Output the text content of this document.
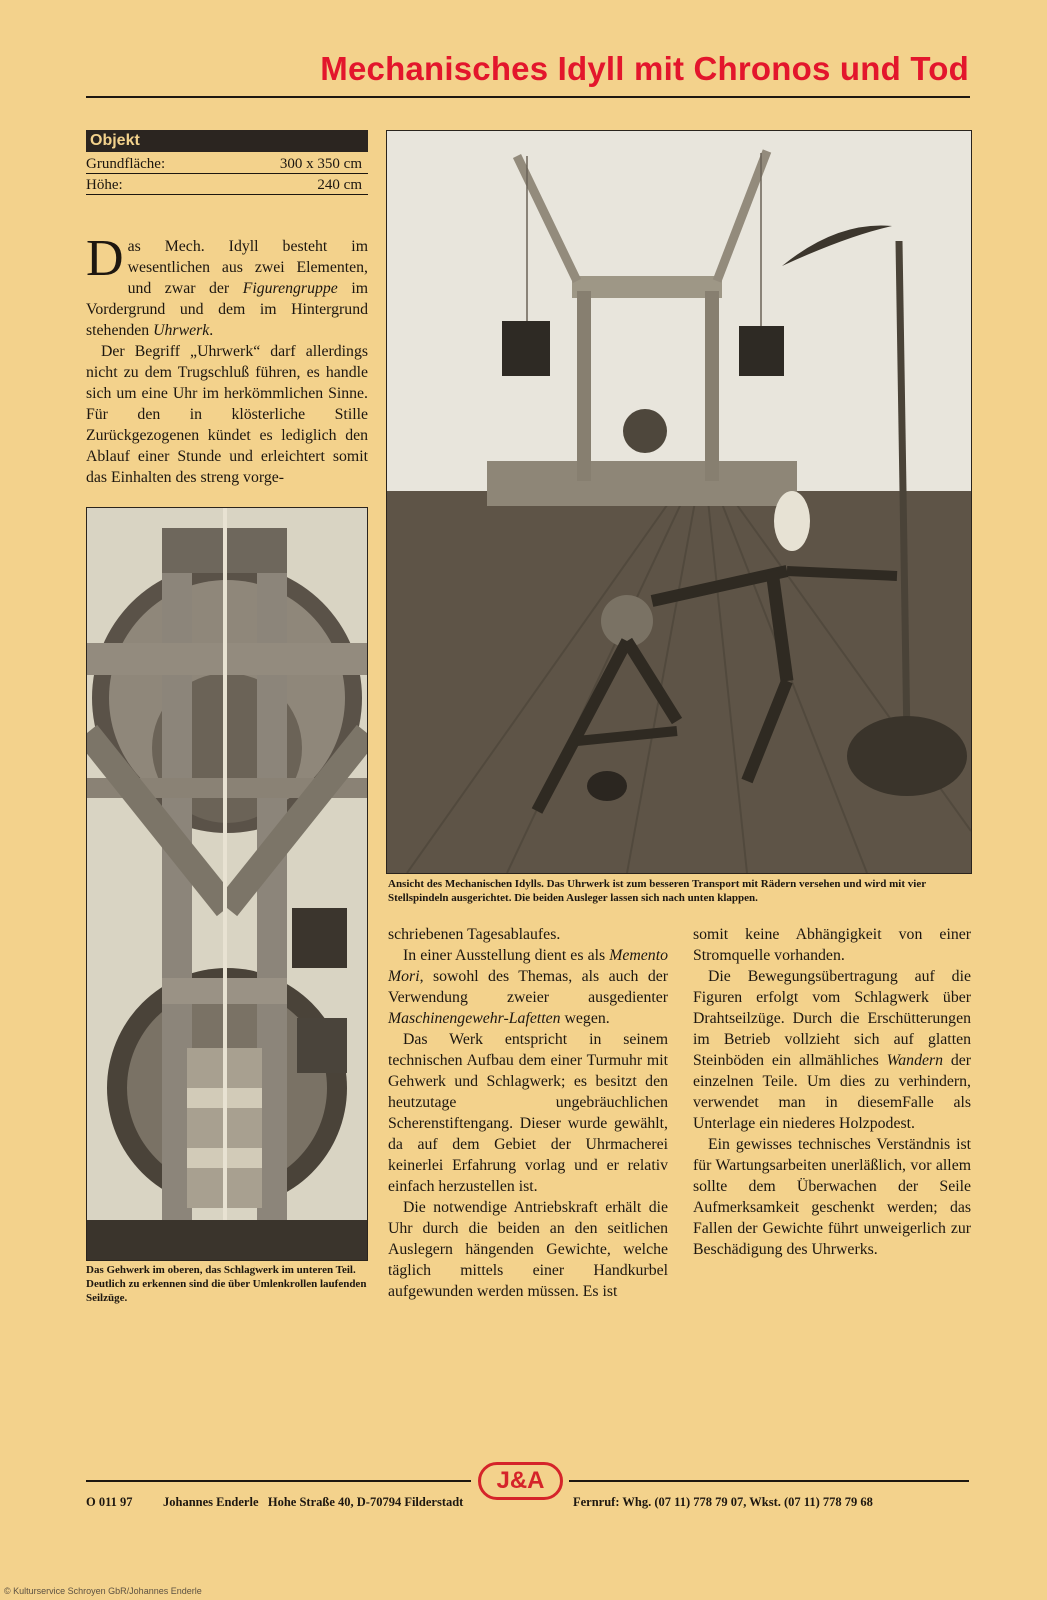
Mechanisches Idyll mit Chronos und Tod
Objekt
Grundfläche:	300 x 350 cm
Höhe:	240 cm

Das Mech. Idyll besteht im wesentlichen aus zwei Elementen, und zwar der Figurengruppe im Vordergrund und dem im Hintergrund stehenden Uhrwerk.

Der Begriff „Uhrwerk“ darf allerdings nicht zu dem Trugschluß führen, es handle sich um eine Uhr im herkömmlichen Sinne. Für den in klösterliche Stille Zurückgezogenen kündet es lediglich den Ablauf einer Stunde und erleichtert somit das Einhalten des streng vorge-

Das Gehwerk im oberen, das Schlagwerk im unteren Teil. Deutlich zu erkennen sind die über Umlenkrollen laufenden Seilzüge.
Ansicht des Mechanischen Idylls. Das Uhrwerk ist zum besseren Transport mit Rädern versehen und wird mit vier Stellspindeln ausgerichtet. Die beiden Ausleger lassen sich nach unten klappen.

schriebenen Tagesablaufes.

In einer Ausstellung dient es als Memento Mori, sowohl des Themas, als auch der Verwendung zweier ausgedienter Maschinengewehr-Lafetten wegen.

Das Werk entspricht in seinem technischen Aufbau dem einer Turmuhr mit Gehwerk und Schlagwerk; es besitzt den heutzutage ungebräuchlichen Scherenstiftengang. Dieser wurde gewählt, da auf dem Gebiet der Uhrmacherei keinerlei Erfahrung vorlag und er relativ einfach herzustellen ist.

Die notwendige Antriebskraft erhält die Uhr durch die beiden an den seitlichen Auslegern hängenden Gewichte, welche täglich mittels einer Handkurbel aufgewunden werden müssen. Es ist

somit keine Abhängigkeit von einer Stromquelle vorhanden.

Die Bewegungsübertragung auf die Figuren erfolgt vom Schlagwerk über Drahtseilzüge. Durch die Erschütterungen im Betrieb vollzieht sich auf glatten Steinböden ein allmähliches Wandern der einzelnen Teile. Um dies zu verhindern, verwendet man in diesemFalle als Unterlage ein niederes Holzpodest.

Ein gewisses technisches Verständnis ist für Wartungsarbeiten unerläßlich, vor allem sollte dem Überwachen der Seile Aufmerksamkeit geschenkt werden; das Fallen der Gewichte führt unweigerlich zur Beschädigung des Uhrwerks.

J&A
O 011 97 Johannes Enderle   Hohe Straße 40, D-70794 Filderstadt	Fernruf: Whg. (07 11) 778 79 07, Wkst. (07 11) 778 79 68
© Kulturservice Schroyen GbR/Johannes Enderle
